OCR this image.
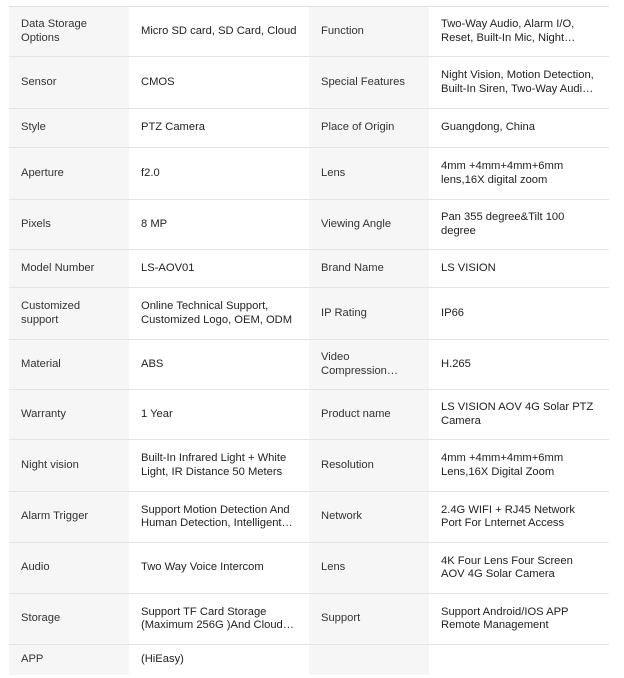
Data Storage Options	Micro SD card, SD Card, Cloud	Function	Two-Way Audio, Alarm I/O, Reset, Built-In Mic, Night…

Sensor	CMOS	Special Features	Night Vision, Motion Detection, Built-In Siren, Two-Way Audi…

Style	PTZ Camera	Place of Origin	Guangdong, China

Aperture	f2.0	Lens	4mm +4mm+4mm+6mm lens,16X digital zoom

Pixels	8 MP	Viewing Angle	Pan 355 degree&Tilt 100 degree

Model Number	LS-AOV01	Brand Name	LS VISION

Customized support	Online Technical Support, Customized Logo, OEM, ODM	IP Rating	IP66

Material	ABS	Video Compression…	H.265

Warranty	1 Year	Product name	LS VISION AOV 4G Solar PTZ Camera

Night vision	Built-In Infrared Light + White Light, IR Distance 50 Meters	Resolution	4mm +4mm+4mm+6mm Lens,16X Digital Zoom

Alarm Trigger	Support Motion Detection And Human Detection, Intelligent…	Network	2.4G WIFI + RJ45 Network Port For Lnternet Access

Audio	Two Way Voice Intercom	Lens	4K Four Lens Four Screen AOV 4G Solar Camera

Storage	Support TF Card Storage (Maximum 256G )And Cloud…	Support	Support Android/IOS APP Remote Management

APP	(HiEasy)		
